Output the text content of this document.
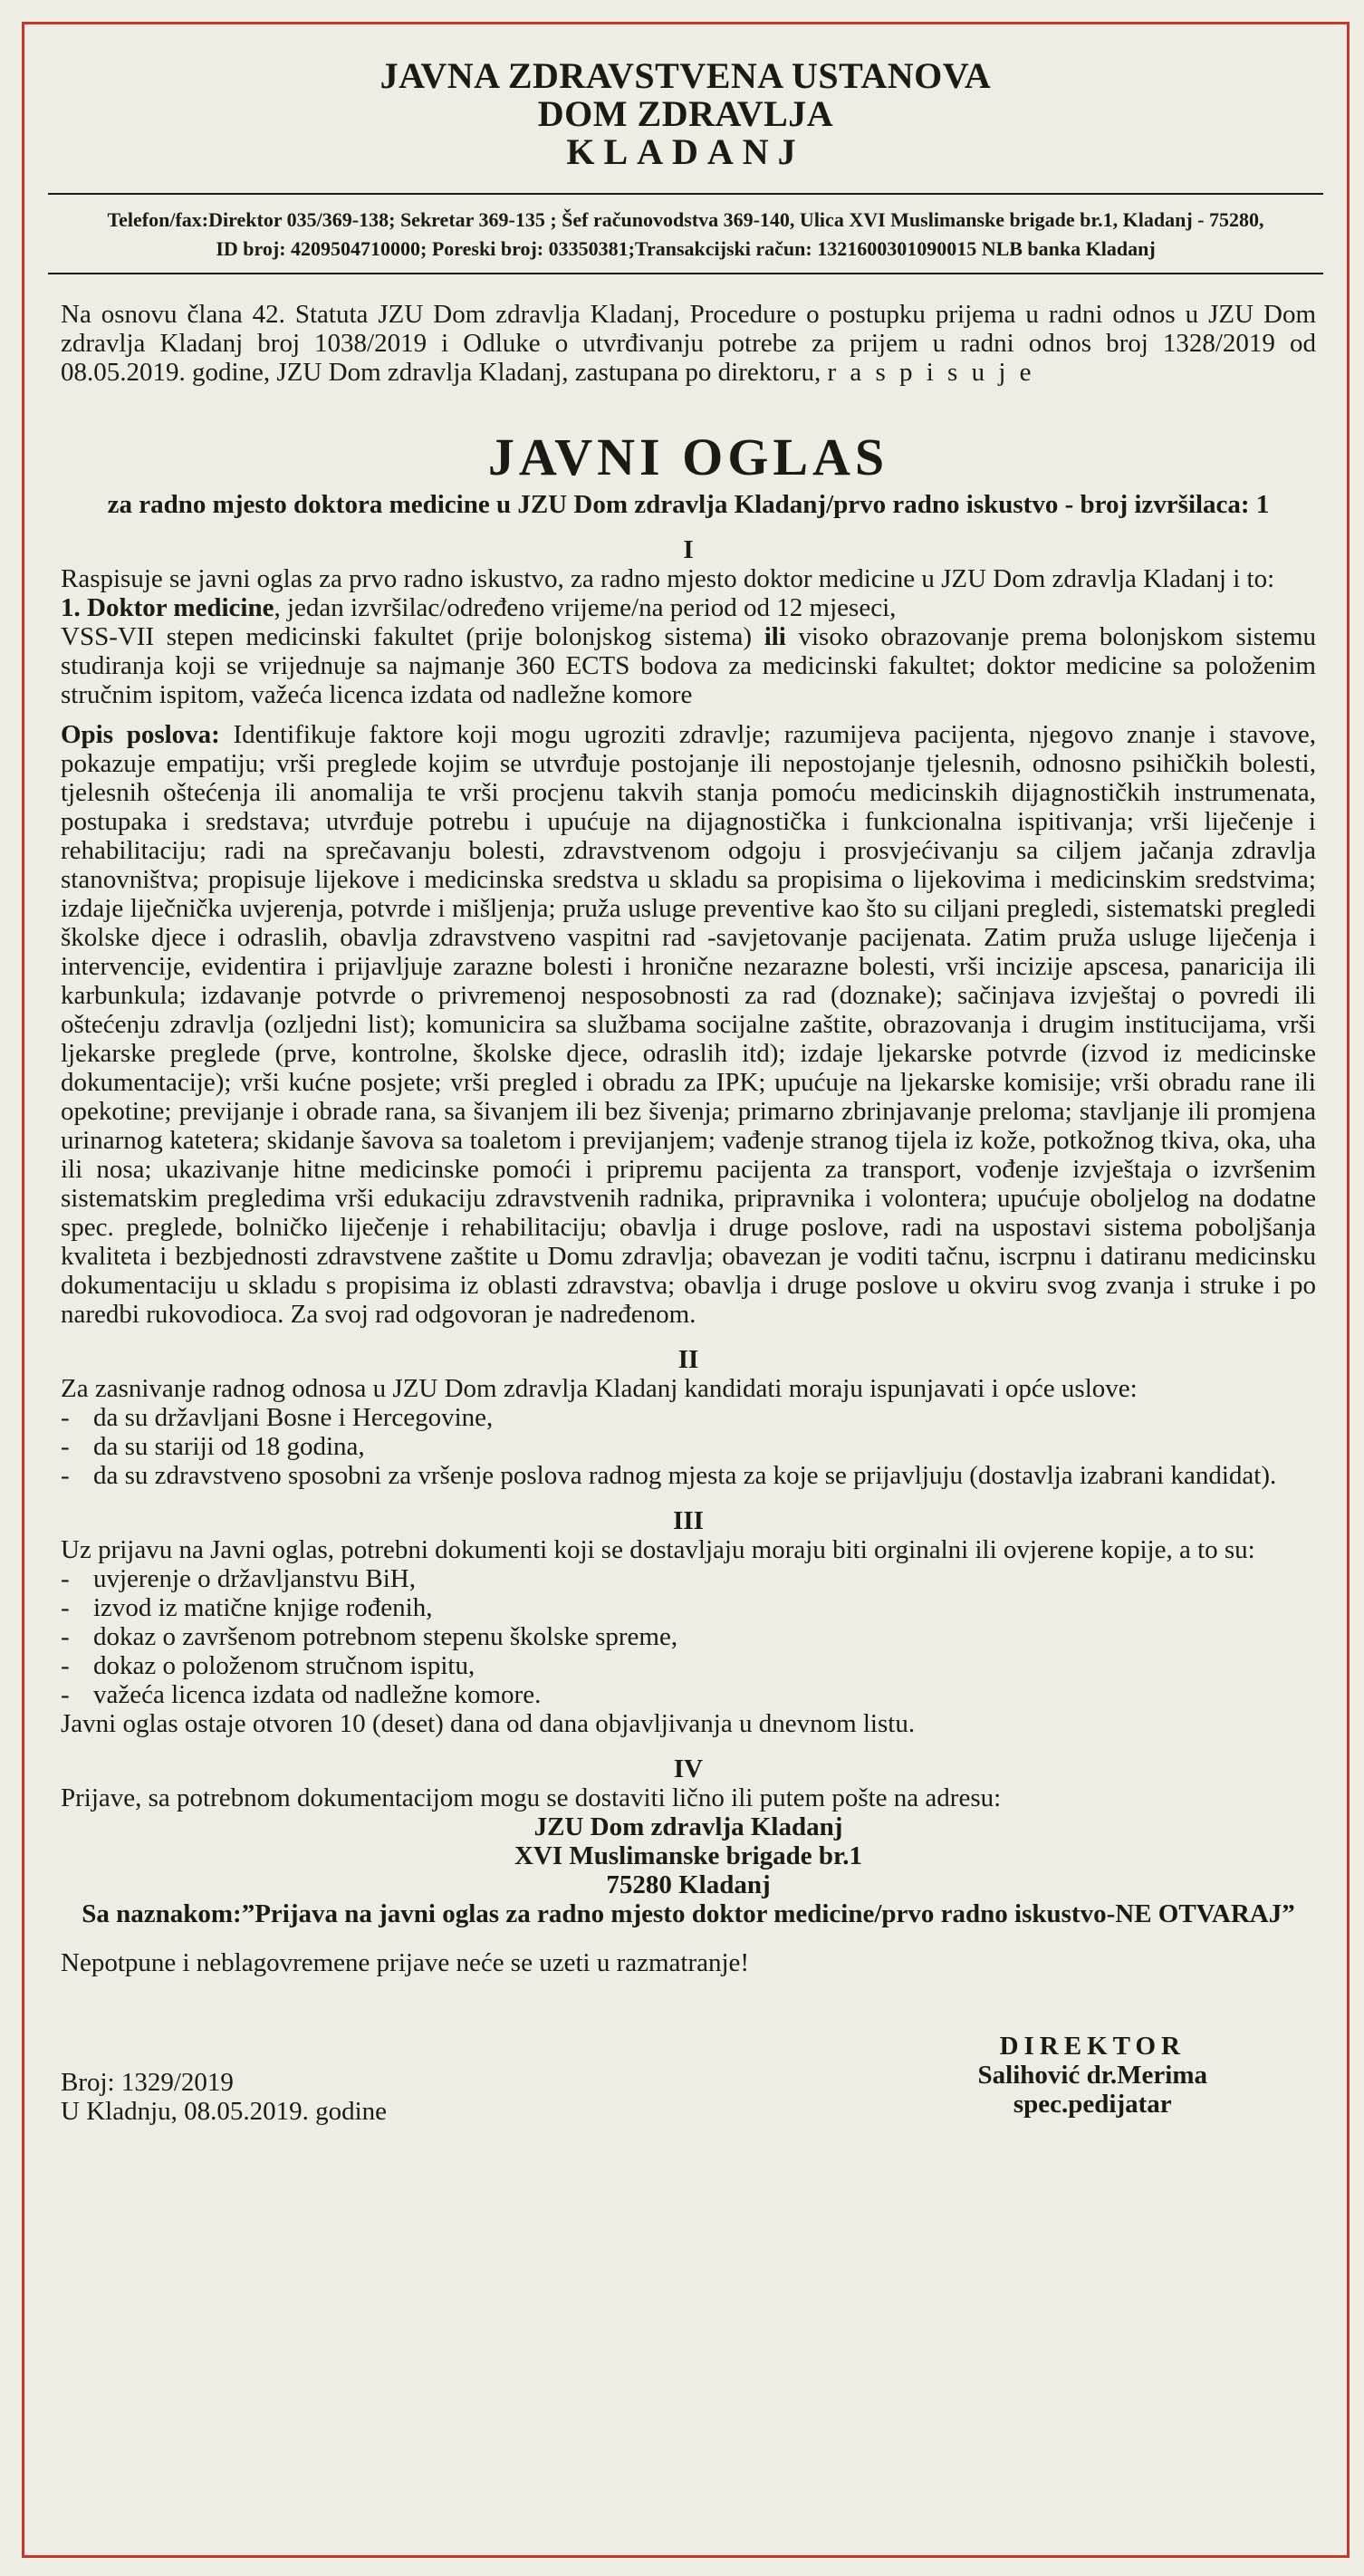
JAVNA ZDRAVSTVENA USTANOVA
DOM ZDRAVLJA
KLADANJ
Telefon/fax:Direktor 035/369-138; Sekretar 369-135 ; Šef računovodstva 369-140, Ulica XVI Muslimanske brigade br.1, Kladanj - 75280,
ID broj: 4209504710000; Poreski broj: 03350381;Transakcijski račun: 1321600301090015 NLB banka Kladanj

Na osnovu člana 42. Statuta JZU Dom zdravlja Kladanj, Procedure o postupku prijema u radni odnos u JZU Dom zdravlja Kladanj broj 1038/2019 i Odluke o utvrđivanju potrebe za prijem u radni odnos broj 1328/2019 od 08.05.2019. godine, JZU Dom zdravlja Kladanj, zastupana po direktoru, r a s p i s u j e

JAVNI OGLAS
za radno mjesto doktora medicine u JZU Dom zdravlja Kladanj/prvo radno iskustvo - broj izvršilaca: 1
I

Raspisuje se javni oglas za prvo radno iskustvo, za radno mjesto doktor medicine u JZU Dom zdravlja Kladanj i to:

1. Doktor medicine, jedan izvršilac/određeno vrijeme/na period od 12 mjeseci,

VSS-VII stepen medicinski fakultet (prije bolonjskog sistema) ili visoko obrazovanje prema bolonjskom sistemu studiranja koji se vrijednuje sa najmanje 360 ECTS bodova za medicinski fakultet; doktor medicine sa položenim stručnim ispitom, važeća licenca izdata od nadležne komore

Opis poslova: Identifikuje faktore koji mogu ugroziti zdravlje; razumijeva pacijenta, njegovo znanje i stavove, pokazuje empatiju; vrši preglede kojim se utvrđuje postojanje ili nepostojanje tjelesnih, odnosno psihičkih bolesti, tjelesnih oštećenja ili anomalija te vrši procjenu takvih stanja pomoću medicinskih dijagnostičkih instrumenata, postupaka i sredstava; utvrđuje potrebu i upućuje na dijagnostička i funkcionalna ispitivanja; vrši liječenje i rehabilitaciju; radi na sprečavanju bolesti, zdravstvenom odgoju i prosvjećivanju sa ciljem jačanja zdravlja stanovništva; propisuje lijekove i medicinska sredstva u skladu sa propisima o lijekovima i medicinskim sredstvima; izdaje liječnička uvjerenja, potvrde i mišljenja; pruža usluge preventive kao što su ciljani pregledi, sistematski pregledi školske djece i odraslih, obavlja zdravstveno vaspitni rad -savjetovanje pacijenata. Zatim pruža usluge liječenja i intervencije, evidentira i prijavljuje zarazne bolesti i hronične nezarazne bolesti, vrši incizije apscesa, panaricija ili karbunkula; izdavanje potvrde o privremenoj nesposobnosti za rad (doznake); sačinjava izvještaj o povredi ili oštećenju zdravlja (ozljedni list); komunicira sa službama socijalne zaštite, obrazovanja i drugim institucijama, vrši ljekarske preglede (prve, kontrolne, školske djece, odraslih itd); izdaje ljekarske potvrde (izvod iz medicinske dokumentacije); vrši kućne posjete; vrši pregled i obradu za IPK; upućuje na ljekarske komisije; vrši obradu rane ili opekotine; previjanje i obrade rana, sa šivanjem ili bez šivenja; primarno zbrinjavanje preloma; stavljanje ili promjena urinarnog katetera; skidanje šavova sa toaletom i previjanjem; vađenje stranog tijela iz kože, potkožnog tkiva, oka, uha ili nosa; ukazivanje hitne medicinske pomoći i pripremu pacijenta za transport, vođenje izvještaja o izvršenim sistematskim pregledima vrši edukaciju zdravstvenih radnika, pripravnika i volontera; upućuje oboljelog na dodatne spec. preglede, bolničko liječenje i rehabilitaciju; obavlja i druge poslove, radi na uspostavi sistema poboljšanja kvaliteta i bezbjednosti zdravstvene zaštite u Domu zdravlja; obavezan je voditi tačnu, iscrpnu i datiranu medicinsku dokumentaciju u skladu s propisima iz oblasti zdravstva; obavlja i druge poslove u okviru svog zvanja i struke i po naredbi rukovodioca. Za svoj rad odgovoran je nadređenom.

II

Za zasnivanje radnog odnosa u JZU Dom zdravlja Kladanj kandidati moraju ispunjavati i opće uslove:

- da su državljani Bosne i Hercegovine,
- da su stariji od 18 godina,
- da su zdravstveno sposobni za vršenje poslova radnog mjesta za koje se prijavljuju (dostavlja izabrani kandidat).
III

Uz prijavu na Javni oglas, potrebni dokumenti koji se dostavljaju moraju biti orginalni ili ovjerene kopije, a to su:

- uvjerenje o državljanstvu BiH,
- izvod iz matične knjige rođenih,
- dokaz o završenom potrebnom stepenu školske spreme,
- dokaz o položenom stručnom ispitu,
- važeća licenca izdata od nadležne komore.

Javni oglas ostaje otvoren 10 (deset) dana od dana objavljivanja u dnevnom listu.

IV

Prijave, sa potrebnom dokumentacijom mogu se dostaviti lično ili putem pošte na adresu:

JZU Dom zdravlja Kladanj
XVI Muslimanske brigade br.1
75280 Kladanj
Sa naznakom:”Prijava na javni oglas za radno mjesto doktor medicine/prvo radno iskustvo-NE OTVARAJ”

Nepotpune i neblagovremene prijave neće se uzeti u razmatranje!

Broj: 1329/2019
U Kladnju, 08.05.2019. godine
DIREKTOR
Salihović dr.Merima
spec.pedijatar
